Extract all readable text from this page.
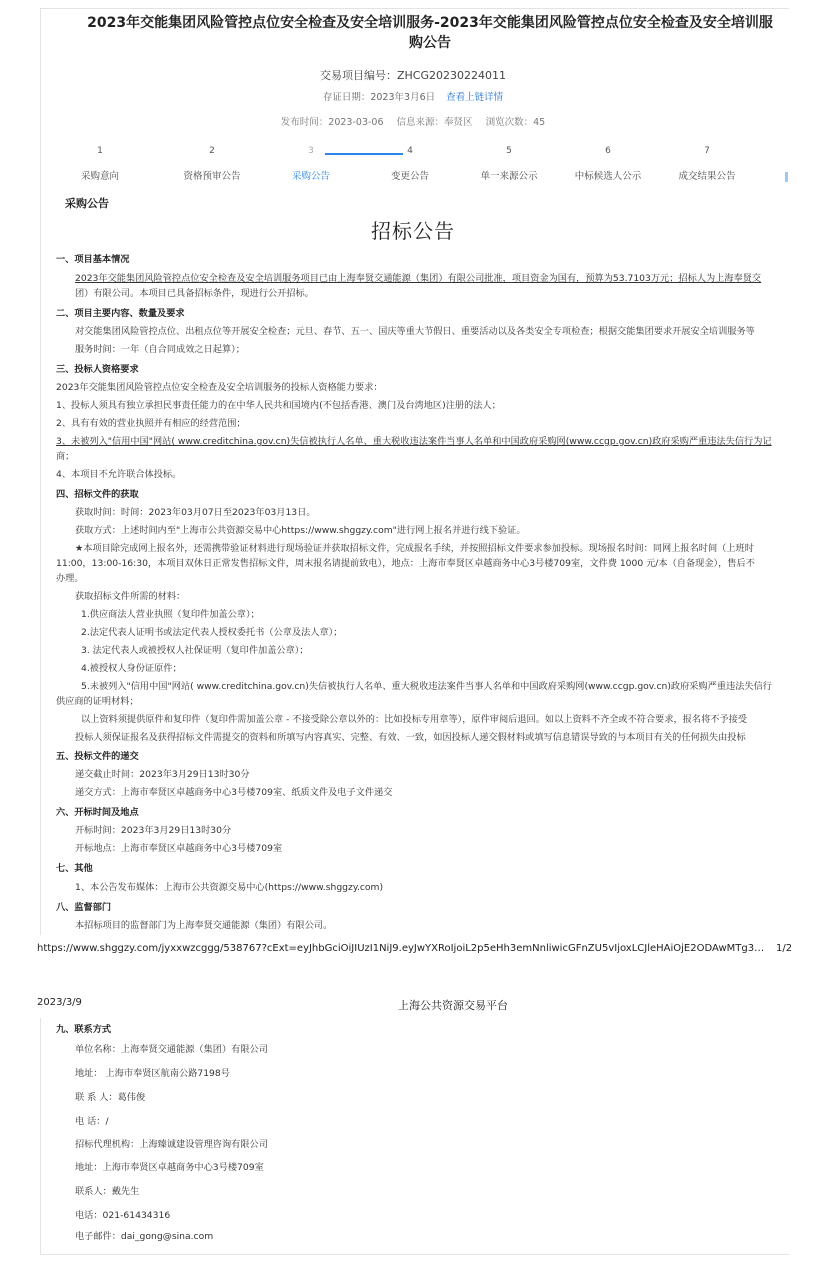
2023年交能集团风险管控点位安全检查及安全培训服务-2023年交能集团风险管控点位安全检查及安全培训服
购公告
交易项目编号：ZHCG20230224011
存证日期：2023年3月6日 查看上链详情
发布时间：2023-03-06 信息来源：奉贤区 浏览次数：45
1
采购意向
2
资格预审公告
3
采购公告
4
变更公告
5
单一来源公示
6
中标候选人公示
7
成交结果公告
采购公告
招标公告
一、项目基本情况
2023年交能集团风险管控点位安全检查及安全培训服务项目已由上海奉贤交通能源（集团）有限公司批准，项目资金为国有，预算为53.7103万元；招标人为上海奉贤交
团）有限公司。本项目已具备招标条件，现进行公开招标。
二、项目主要内容、数量及要求
对交能集团风险管控点位、出租点位等开展安全检查；元旦、春节、五一、国庆等重大节假日、重要活动以及各类安全专项检查；根据交能集团要求开展安全培训服务等
服务时间：一年（自合同成效之日起算）；
三、投标人资格要求
2023年交能集团风险管控点位安全检查及安全培训服务的投标人资格能力要求：
1、投标人须具有独立承担民事责任能力的在中华人民共和国境内(不包括香港、澳门及台湾地区)注册的法人；
2、具有有效的营业执照并有相应的经营范围；
3、未被列入"信用中国"网站( www.creditchina.gov.cn)失信被执行人名单、重大税收违法案件当事人名单和中国政府采购网(www.ccgp.gov.cn)政府采购严重违法失信行为记
商；
4、本项目不允许联合体投标。
四、招标文件的获取
获取时间：时间：2023年03月07日至2023年03月13日。
获取方式：上述时间内至"上海市公共资源交易中心https://www.shggzy.com"进行网上报名并进行线下验证。
★本项目除完成网上报名外，还需携带验证材料进行现场验证并获取招标文件，完成报名手续，并按照招标文件要求参加投标。现场报名时间：同网上报名时间（上班时
11:00，13:00-16:30，本项目双休日正常发售招标文件，周末报名请提前致电），地点：上海市奉贤区卓越商务中心3号楼709室，文件费 1000 元/本（自备现金），售后不
办理。
获取招标文件所需的材料：
1.供应商法人营业执照（复印件加盖公章）；
2.法定代表人证明书或法定代表人授权委托书（公章及法人章）；
3. 法定代表人或被授权人社保证明（复印件加盖公章）；
4.被授权人身份证原件；
5.未被列入"信用中国"网站( www.creditchina.gov.cn)失信被执行人名单、重大税收违法案件当事人名单和中国政府采购网(www.ccgp.gov.cn)政府采购严重违法失信行
供应商的证明材料；
以上资料须提供原件和复印件（复印件需加盖公章 - 不接受除公章以外的：比如投标专用章等），原件审阅后退回。如以上资料不齐全或不符合要求，报名将不予接受
投标人须保证报名及获得招标文件需提交的资料和所填写内容真实、完整、有效、一致，如因投标人递交假材料或填写信息错误导致的与本项目有关的任何损失由投标
五、投标文件的递交
递交截止时间：2023年3月29日13时30分
递交方式：上海市奉贤区卓越商务中心3号楼709室、纸质文件及电子文件递交
六、开标时间及地点
开标时间：2023年3月29日13时30分
开标地点：上海市奉贤区卓越商务中心3号楼709室
七、其他
1、本公告发布媒体：上海市公共资源交易中心(https://www.shggzy.com)
八、监督部门
本招标项目的监督部门为上海奉贤交通能源（集团）有限公司。
https://www.shggzy.com/jyxxwzcggg/538767?cExt=eyJhbGciOiJIUzI1NiJ9.eyJwYXRoIjoiL2p5eHh3emNnliwicGFnZU5vIjoxLCJleHAiOjE2ODAwMTg3… 1/2
2023/3/9	上海公共资源交易平台
九、联系方式
单位名称：上海奉贤交通能源（集团）有限公司
地址： 上海市奉贤区航南公路7198号
联 系 人：葛伟俊
电 话：/
招标代理机构：上海臻诚建设管理咨询有限公司
地址：上海市奉贤区卓越商务中心3号楼709室
联系人：戴先生
电话：021-61434316
电子邮件：dai_gong@sina.com
